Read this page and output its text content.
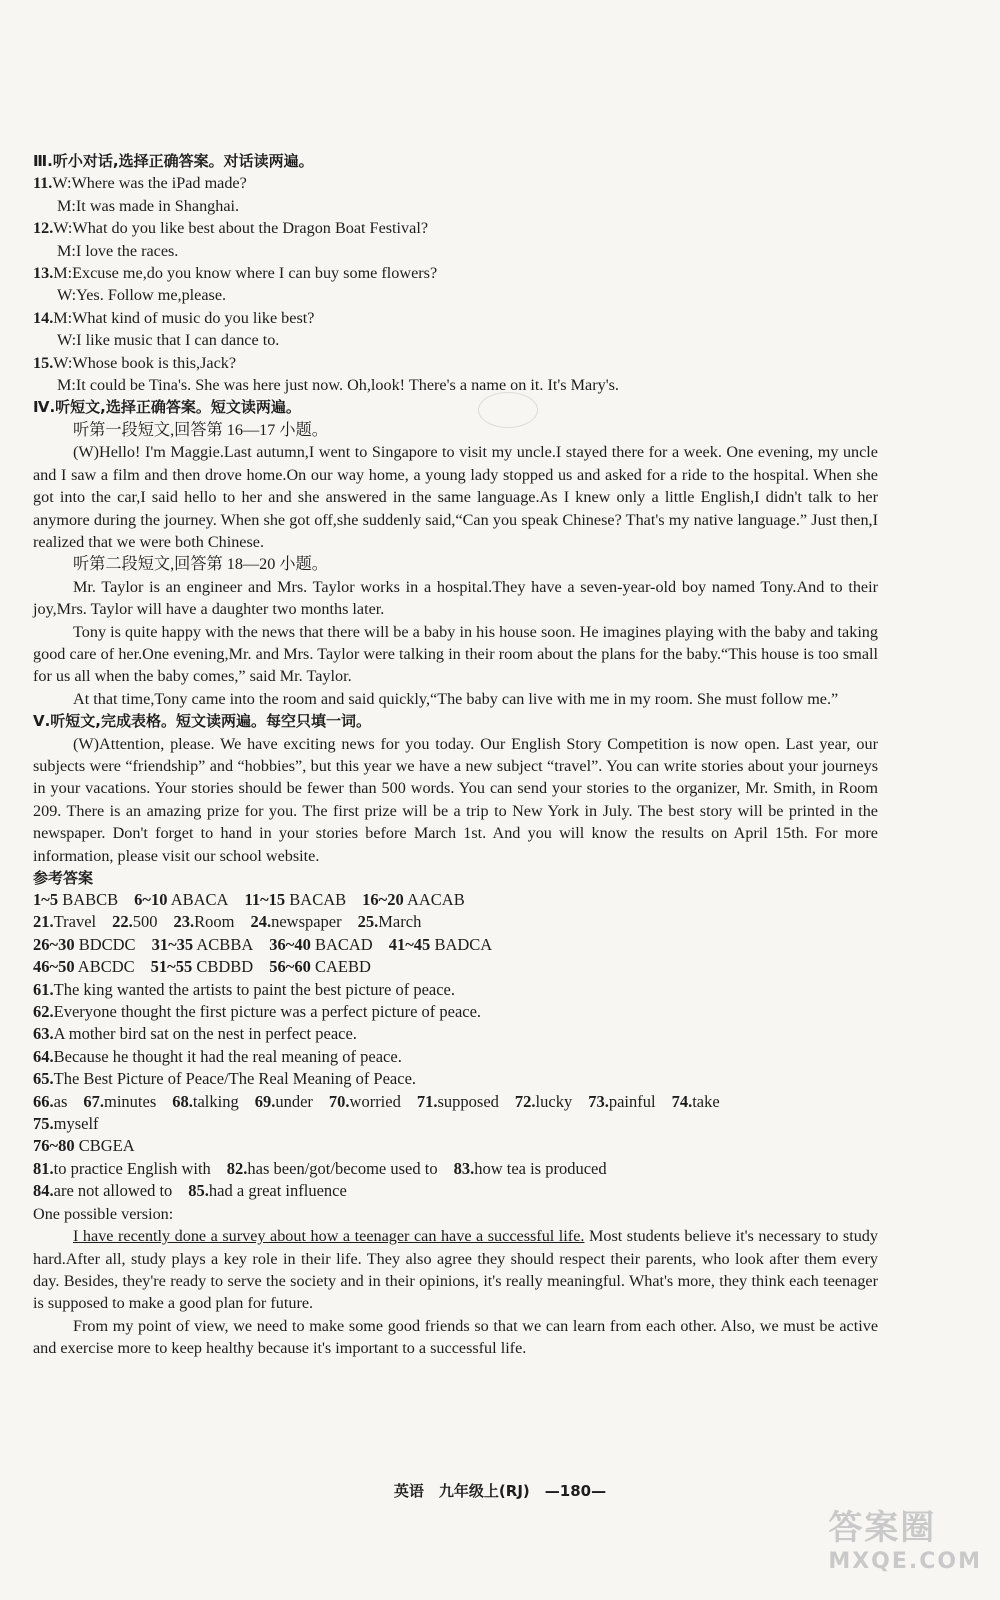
Ⅲ.听小对话,选择正确答案。对话读两遍。
11.W:Where was the iPad made?
M:It was made in Shanghai.
12.W:What do you like best about the Dragon Boat Festival?
M:I love the races.
13.M:Excuse me,do you know where I can buy some flowers?
W:Yes. Follow me,please.
14.M:What kind of music do you like best?
W:I like music that I can dance to.
15.W:Whose book is this,Jack?
M:It could be Tina's. She was here just now. Oh,look! There's a name on it. It's Mary's.
Ⅳ.听短文,选择正确答案。短文读两遍。
听第一段短文,回答第 16—17 小题。
(W)Hello! I'm Maggie.Last autumn,I went to Singapore to visit my uncle.I stayed there for a week. One evening, my uncle and I saw a film and then drove home.On our way home, a young lady stopped us and asked for a ride to the hospital. When she got into the car,I said hello to her and she answered in the same language.As I knew only a little English,I didn't talk to her anymore during the journey. When she got off,she suddenly said,“Can you speak Chinese? That's my native language.” Just then,I realized that we were both Chinese.
听第二段短文,回答第 18—20 小题。
Mr. Taylor is an engineer and Mrs. Taylor works in a hospital.They have a seven-year-old boy named Tony.And to their joy,Mrs. Taylor will have a daughter two months later.
Tony is quite happy with the news that there will be a baby in his house soon. He imagines playing with the baby and taking good care of her.One evening,Mr. and Mrs. Taylor were talking in their room about the plans for the baby.“This house is too small for us all when the baby comes,” said Mr. Taylor.
At that time,Tony came into the room and said quickly,“The baby can live with me in my room. She must follow me.”
Ⅴ.听短文,完成表格。短文读两遍。每空只填一词。
(W)Attention, please. We have exciting news for you today. Our English Story Competition is now open. Last year, our subjects were “friendship” and “hobbies”, but this year we have a new subject “travel”. You can write stories about your journeys in your vacations. Your stories should be fewer than 500 words. You can send your stories to the organizer, Mr. Smith, in Room 209. There is an amazing prize for you. The first prize will be a trip to New York in July. The best story will be printed in the newspaper. Don't forget to hand in your stories before March 1st. And you will know the results on April 15th. For more information, please visit our school website.
参考答案
1~5 BABCB 6~10 ABACA 11~15 BACAB 16~20 AACAB
21.Travel 22.500 23.Room 24.newspaper 25.March
26~30 BDCDC 31~35 ACBBA 36~40 BACAD 41~45 BADCA
46~50 ABCDC 51~55 CBDBD 56~60 CAEBD
61.The king wanted the artists to paint the best picture of peace.
62.Everyone thought the first picture was a perfect picture of peace.
63.A mother bird sat on the nest in perfect peace.
64.Because he thought it had the real meaning of peace.
65.The Best Picture of Peace/The Real Meaning of Peace.
66.as 67.minutes 68.talking 69.under 70.worried 71.supposed 72.lucky 73.painful 74.take
75.myself
76~80 CBGEA
81.to practice English with 82.has been/got/become used to 83.how tea is produced
84.are not allowed to 85.had a great influence
One possible version:
I have recently done a survey about how a teenager can have a successful life. Most students believe it's necessary to study hard.After all, study plays a key role in their life. They also agree they should respect their parents, who look after them every day. Besides, they're ready to serve the society and in their opinions, it's really meaningful. What's more, they think each teenager is supposed to make a good plan for future.
From my point of view, we need to make some good friends so that we can learn from each other. Also, we must be active and exercise more to keep healthy because it's important to a successful life.
英语　九年级上(RJ)　—180—
答案圈
MXQE.COM
